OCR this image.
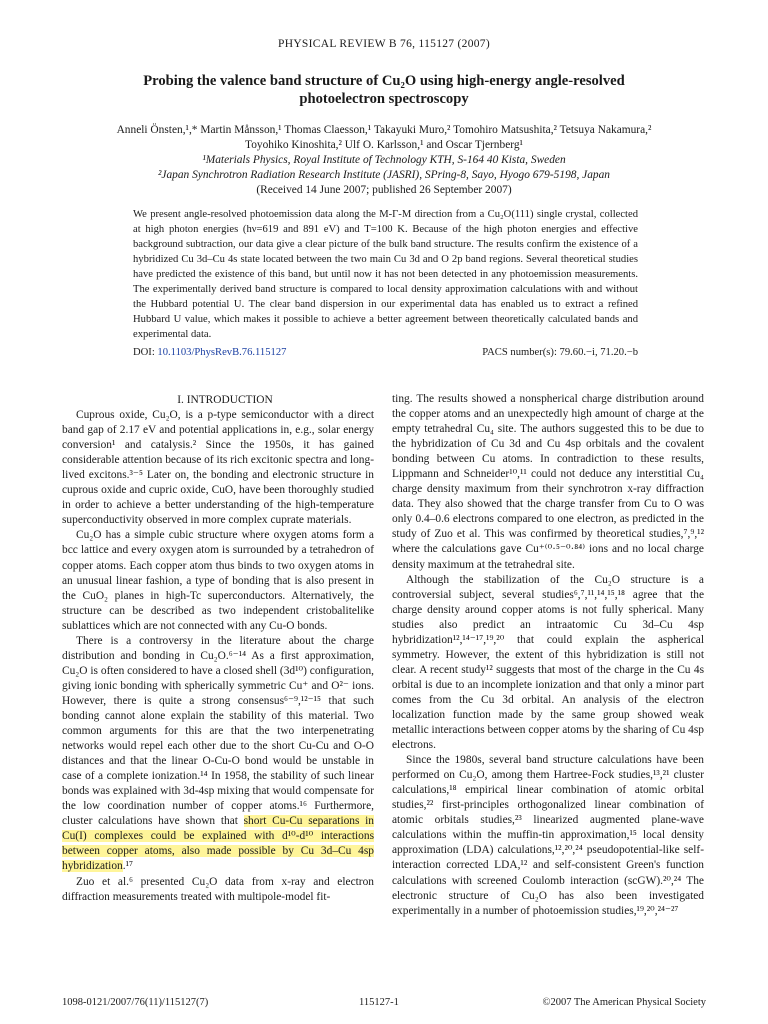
PHYSICAL REVIEW B 76, 115127 (2007)
Probing the valence band structure of Cu₂O using high-energy angle-resolved photoelectron spectroscopy
Anneli Önsten,¹,* Martin Månsson,¹ Thomas Claesson,¹ Takayuki Muro,² Tomohiro Matsushita,² Tetsuya Nakamura,²
Toyohiko Kinoshita,² Ulf O. Karlsson,¹ and Oscar Tjernberg¹
¹Materials Physics, Royal Institute of Technology KTH, S-164 40 Kista, Sweden
²Japan Synchrotron Radiation Research Institute (JASRI), SPring-8, Sayo, Hyogo 679-5198, Japan
(Received 14 June 2007; published 26 September 2007)
We present angle-resolved photoemission data along the M-Γ-M direction from a Cu₂O(111) single crystal, collected at high photon energies (hν=619 and 891 eV) and T=100 K. Because of the high photon energies and effective background subtraction, our data give a clear picture of the bulk band structure. The results confirm the existence of a hybridized Cu 3d–Cu 4s state located between the two main Cu 3d and O 2p band regions. Several theoretical studies have predicted the existence of this band, but until now it has not been detected in any photoemission measurements. The experimentally derived band structure is compared to local density approximation calculations with and without the Hubbard potential U. The clear band dispersion in our experimental data has enabled us to extract a refined Hubbard U value, which makes it possible to achieve a better agreement between theoretically calculated bands and experimental data.
DOI: 10.1103/PhysRevB.76.115127	PACS number(s): 79.60.−i, 71.20.−b

I. INTRODUCTION

Cuprous oxide, Cu₂O, is a p-type semiconductor with a direct band gap of 2.17 eV and potential applications in, e.g., solar energy conversion¹ and catalysis.² Since the 1950s, it has gained considerable attention because of its rich excitonic spectra and long-lived excitons.³⁻⁵ Later on, the bonding and electronic structure in cuprous oxide and cupric oxide, CuO, have been thoroughly studied in order to achieve a better understanding of the high-temperature superconductivity observed in more complex cuprate materials.

Cu₂O has a simple cubic structure where oxygen atoms form a bcc lattice and every oxygen atom is surrounded by a tetrahedron of copper atoms. Each copper atom thus binds to two oxygen atoms in an unusual linear fashion, a type of bonding that is also present in the CuO₂ planes in high-Tc superconductors. Alternatively, the structure can be described as two independent cristobalitelike sublattices which are not connected with any Cu-O bonds.

There is a controversy in the literature about the charge distribution and bonding in Cu₂O.⁶⁻¹⁴ As a first approximation, Cu₂O is often considered to have a closed shell (3d¹⁰) configuration, giving ionic bonding with spherically symmetric Cu⁺ and O²⁻ ions. However, there is quite a strong consensus⁶⁻⁹,¹²⁻¹⁵ that such bonding cannot alone explain the stability of this material. Two common arguments for this are that the two interpenetrating networks would repel each other due to the short Cu-Cu and O-O distances and that the linear O-Cu-O bond would be unstable in case of a complete ionization.¹⁴ In 1958, the stability of such linear bonds was explained with 3d-4sp mixing that would compensate for the low coordination number of copper atoms.¹⁶ Furthermore, cluster calculations have shown that short Cu-Cu separations in Cu(I) complexes could be explained with d¹⁰-d¹⁰ interactions between copper atoms, also made possible by Cu 3d–Cu 4sp hybridization.¹⁷

Zuo et al.⁶ presented Cu₂O data from x-ray and electron diffraction measurements treated with multipole-model fit-

ting. The results showed a nonspherical charge distribution around the copper atoms and an unexpectedly high amount of charge at the empty tetrahedral Cu₄ site. The authors suggested this to be due to the hybridization of Cu 3d and Cu 4sp orbitals and the covalent bonding between Cu atoms. In contradiction to these results, Lippmann and Schneider¹⁰,¹¹ could not deduce any interstitial Cu₄ charge density maximum from their synchrotron x-ray diffraction data. They also showed that the charge transfer from Cu to O was only 0.4–0.6 electrons compared to one electron, as predicted in the study of Zuo et al. This was confirmed by theoretical studies,⁷,⁹,¹² where the calculations gave Cu⁺⁽⁰·⁵⁻⁰·⁸⁴⁾ ions and no local charge density maximum at the tetrahedral site.

Although the stabilization of the Cu₂O structure is a controversial subject, several studies⁶,⁷,¹¹,¹⁴,¹⁵,¹⁸ agree that the charge density around copper atoms is not fully spherical. Many studies also predict an intraatomic Cu 3d–Cu 4sp hybridization¹²,¹⁴⁻¹⁷,¹⁹,²⁰ that could explain the aspherical symmetry. However, the extent of this hybridization is still not clear. A recent study¹² suggests that most of the charge in the Cu 4s orbital is due to an incomplete ionization and that only a minor part comes from the Cu 3d orbital. An analysis of the electron localization function made by the same group showed weak metallic interactions between copper atoms by the sharing of Cu 4sp electrons.

Since the 1980s, several band structure calculations have been performed on Cu₂O, among them Hartree-Fock studies,¹³,²¹ cluster calculations,¹⁸ empirical linear combination of atomic orbital studies,²² first-principles orthogonalized linear combination of atomic orbitals studies,²³ linearized augmented plane-wave calculations within the muffin-tin approximation,¹⁵ local density approximation (LDA) calculations,¹²,²⁰,²⁴ pseudopotential-like self-interaction corrected LDA,¹² and self-consistent Green's function calculations with screened Coulomb interaction (scGW).²⁰,²⁴ The electronic structure of Cu₂O has also been investigated experimentally in a number of photoemission studies,¹⁹,²⁰,²⁴⁻²⁷

1098-0121/2007/76(11)/115127(7)	115127-1	©2007 The American Physical Society
